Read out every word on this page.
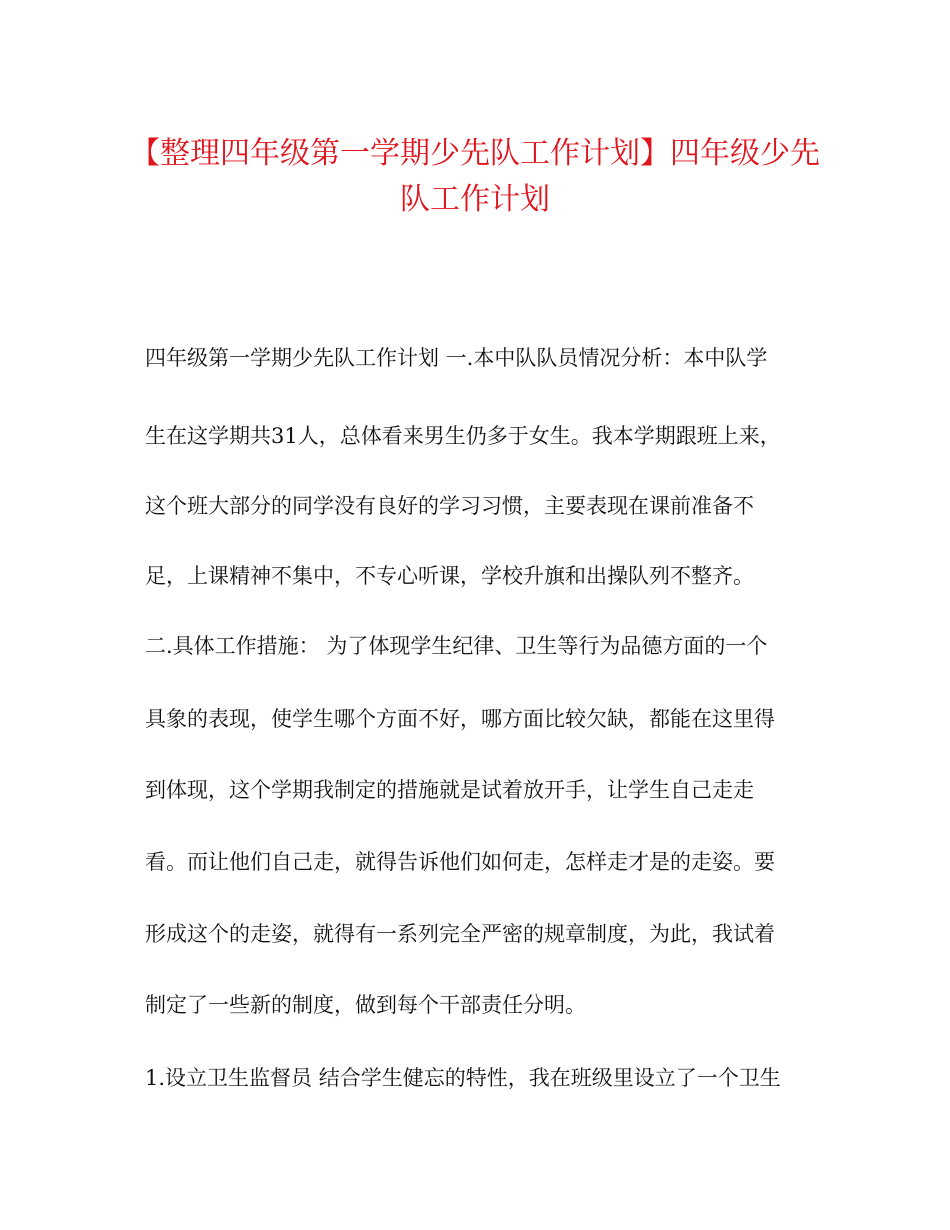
【整理四年级第一学期少先队工作计划】四年级少先
队工作计划

四年级第一学期少先队工作计划 一.本中队队员情况分析：本中队学

生在这学期共31人，总体看来男生仍多于女生。我本学期跟班上来，

这个班大部分的同学没有良好的学习习惯，主要表现在课前准备不

足，上课精神不集中，不专心听课，学校升旗和出操队列不整齐。

二.具体工作措施： 为了体现学生纪律、卫生等行为品德方面的一个

具象的表现，使学生哪个方面不好，哪方面比较欠缺，都能在这里得

到体现，这个学期我制定的措施就是试着放开手，让学生自己走走

看。而让他们自己走，就得告诉他们如何走，怎样走才是的走姿。要

形成这个的走姿，就得有一系列完全严密的规章制度，为此，我试着

制定了一些新的制度，做到每个干部责任分明。

1.设立卫生监督员 结合学生健忘的特性，我在班级里设立了一个卫生
